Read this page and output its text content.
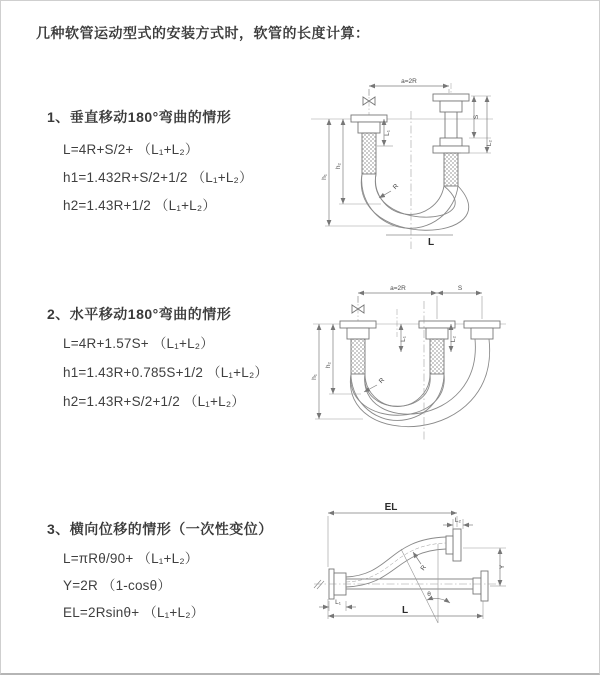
几种软管运动型式的安装方式时，软管的长度计算：
1、垂直移动180°弯曲的情形
L=4R+S/2+ （L₁+L₂）
h1=1.432R+S/2+1/2 （L₁+L₂）
h2=1.43R+1/2 （L₁+L₂）
2、水平移动180°弯曲的情形
L=4R+1.57S+ （L₁+L₂）
h1=1.43R+0.785S+1/2 （L₁+L₂）
h2=1.43R+S/2+1/2 （L₁+L₂）
3、横向位移的情形（一次性变位）
L=πRθ/90+ （L₁+L₂）
Y=2R （1-cosθ）
EL=2Rsinθ+ （L₁+L₂）
a=2R
L₁
S
L₂
h₁
h₂
R
L
a=2R	S
L₁	L₂
h₁
h₂
R
EL
L₂
Y
θ
R
L₁
L
